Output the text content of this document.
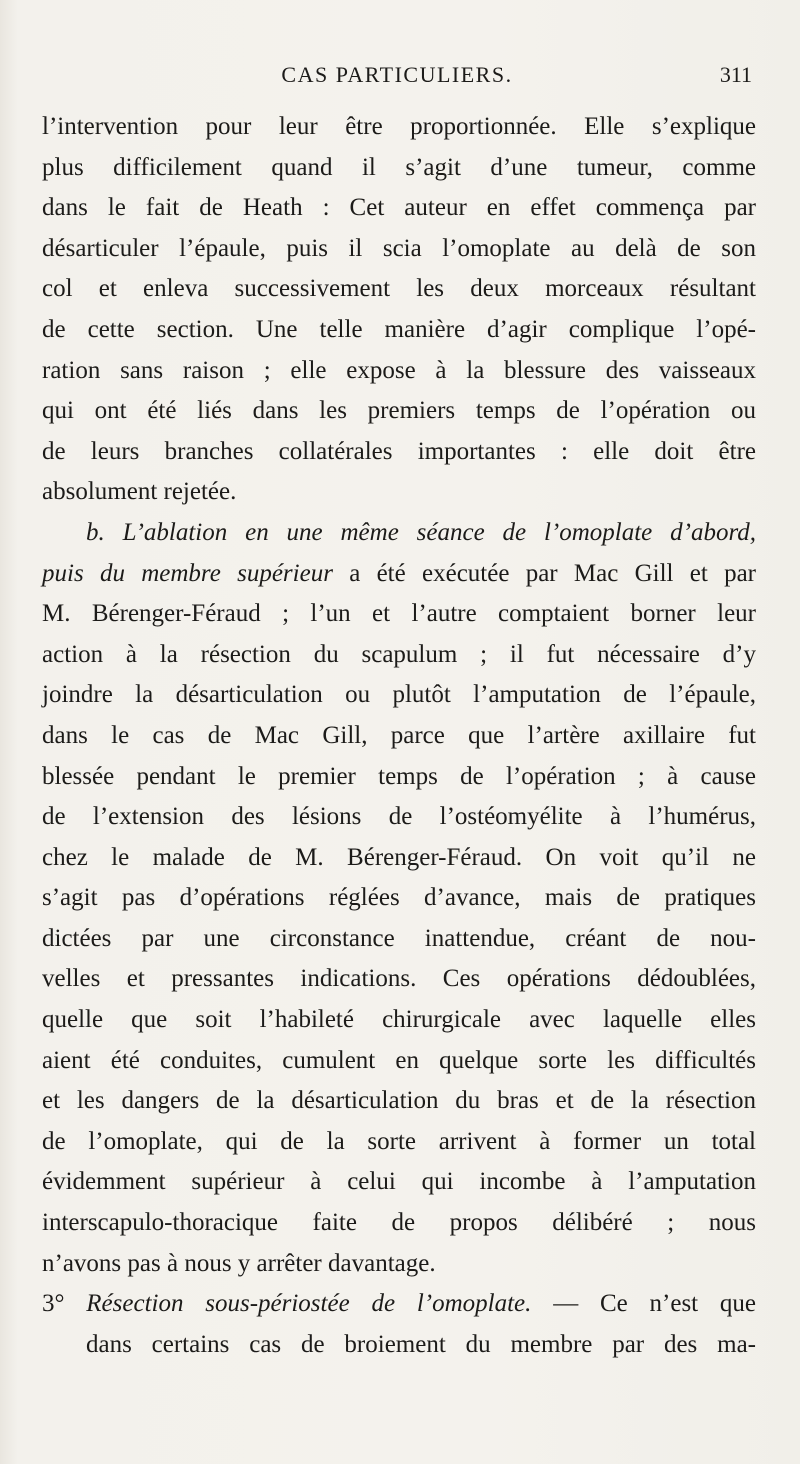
CAS PARTICULIERS.	311
l’intervention pour leur être proportionnée. Elle s’explique
plus difficilement quand il s’agit d’une tumeur, comme
dans le fait de Heath : Cet auteur en effet commença par
désarticuler l’épaule, puis il scia l’omoplate au delà de son
col et enleva successivement les deux morceaux résultant
de cette section. Une telle manière d’agir complique l’opé-
ration sans raison ; elle expose à la blessure des vaisseaux
qui ont été liés dans les premiers temps de l’opération ou
de leurs branches collatérales importantes : elle doit être
absolument rejetée.
b. L’ablation en une même séance de l’omoplate d’abord,
puis du membre supérieur a été exécutée par Mac Gill et par
M. Bérenger-Féraud ; l’un et l’autre comptaient borner leur
action à la résection du scapulum ; il fut nécessaire d’y
joindre la désarticulation ou plutôt l’amputation de l’épaule,
dans le cas de Mac Gill, parce que l’artère axillaire fut
blessée pendant le premier temps de l’opération ; à cause
de l’extension des lésions de l’ostéomyélite à l’humérus,
chez le malade de M. Bérenger-Féraud. On voit qu’il ne
s’agit pas d’opérations réglées d’avance, mais de pratiques
dictées par une circonstance inattendue, créant de nou-
velles et pressantes indications. Ces opérations dédoublées,
quelle que soit l’habileté chirurgicale avec laquelle elles
aient été conduites, cumulent en quelque sorte les difficultés
et les dangers de la désarticulation du bras et de la résection
de l’omoplate, qui de la sorte arrivent à former un total
évidemment supérieur à celui qui incombe à l’amputation
interscapulo-thoracique faite de propos délibéré ; nous
n’avons pas à nous y arrêter davantage.
3° Résection sous-périostée de l’omoplate. — Ce n’est que
dans certains cas de broiement du membre par des ma-
